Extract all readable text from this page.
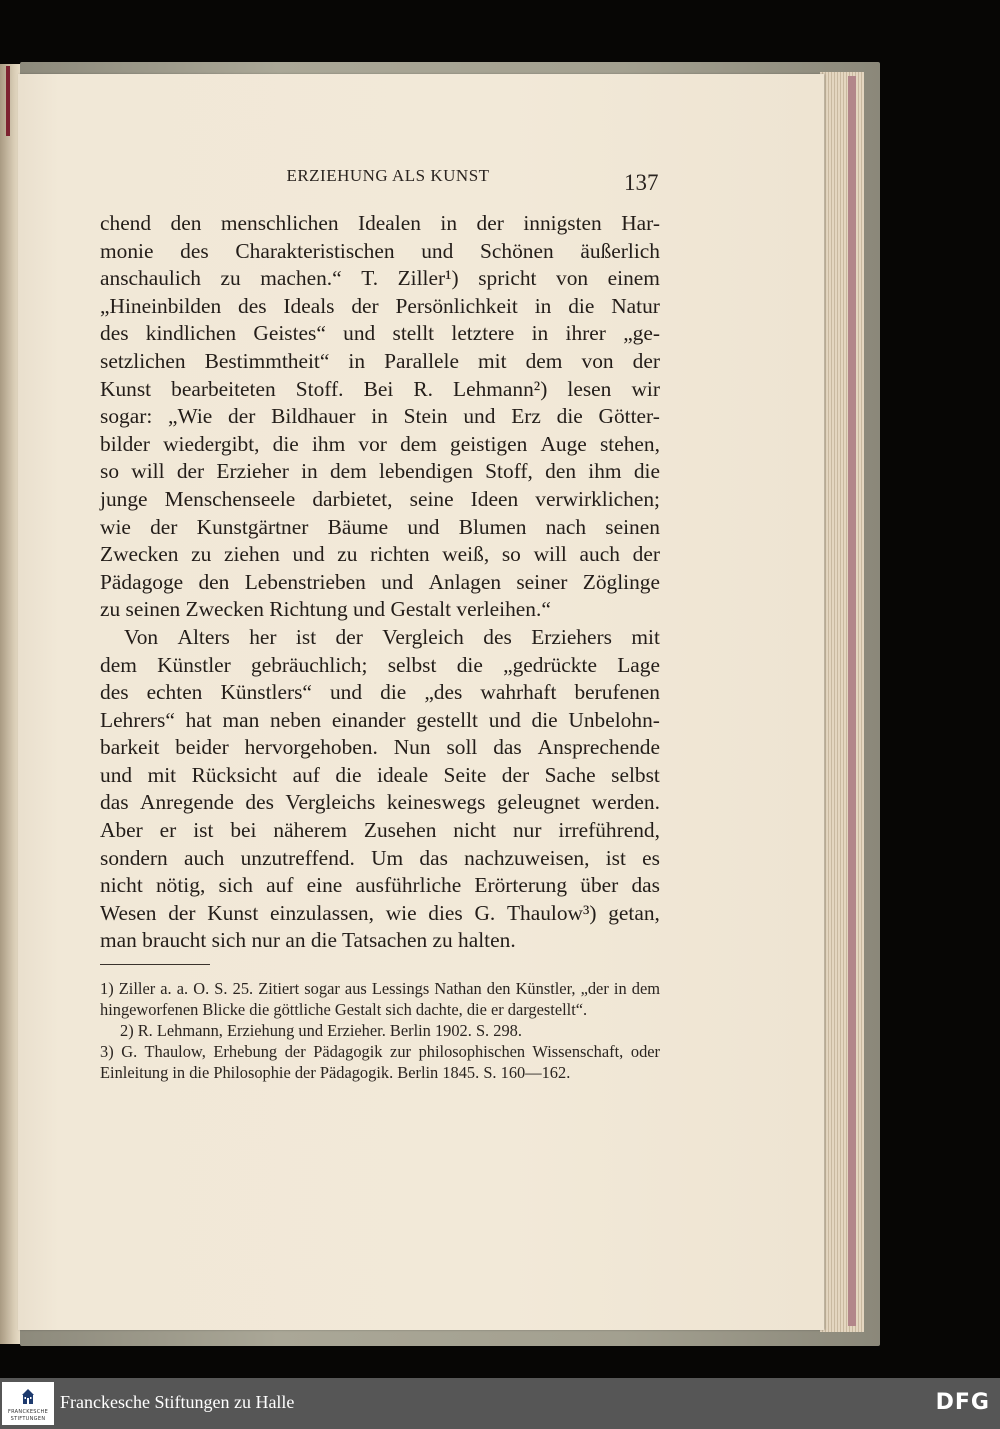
ERZIEHUNG ALS KUNST	137
chend den menschlichen Idealen in der innigsten Har-
monie des Charakteristischen und Schönen äußerlich
anschaulich zu machen.“ T. Ziller¹) spricht von einem
„Hineinbilden des Ideals der Persönlichkeit in die Natur
des kindlichen Geistes“ und stellt letztere in ihrer „ge-
setzlichen Bestimmtheit“ in Parallele mit dem von der
Kunst bearbeiteten Stoff. Bei R. Lehmann²) lesen wir
sogar: „Wie der Bildhauer in Stein und Erz die Götter-
bilder wiedergibt, die ihm vor dem geistigen Auge stehen,
so will der Erzieher in dem lebendigen Stoff, den ihm die
junge Menschenseele darbietet, seine Ideen verwirklichen;
wie der Kunstgärtner Bäume und Blumen nach seinen
Zwecken zu ziehen und zu richten weiß, so will auch der
Pädagoge den Lebenstrieben und Anlagen seiner Zöglinge
zu seinen Zwecken Richtung und Gestalt verleihen.“
Von Alters her ist der Vergleich des Erziehers mit
dem Künstler gebräuchlich; selbst die „gedrückte Lage
des echten Künstlers“ und die „des wahrhaft berufenen
Lehrers“ hat man neben einander gestellt und die Unbelohn-
barkeit beider hervorgehoben. Nun soll das Ansprechende
und mit Rücksicht auf die ideale Seite der Sache selbst
das Anregende des Vergleichs keineswegs geleugnet werden.
Aber er ist bei näherem Zusehen nicht nur irreführend,
sondern auch unzutreffend. Um das nachzuweisen, ist es
nicht nötig, sich auf eine ausführliche Erörterung über das
Wesen der Kunst einzulassen, wie dies G. Thaulow³) getan,
man braucht sich nur an die Tatsachen zu halten.
1) Ziller a. a. O. S. 25. Zitiert sogar aus Lessings Nathan den Künstler, „der in dem hingeworfenen Blicke die göttliche Gestalt sich dachte, die er dargestellt“.
2) R. Lehmann, Erziehung und Erzieher. Berlin 1902. S. 298.
3) G. Thaulow, Erhebung der Pädagogik zur philosophischen Wissenschaft, oder Einleitung in die Philosophie der Pädagogik. Berlin 1845. S. 160—162.
FRANCKESCHE
STIFTUNGEN
Franckesche Stiftungen zu Halle	DFG
